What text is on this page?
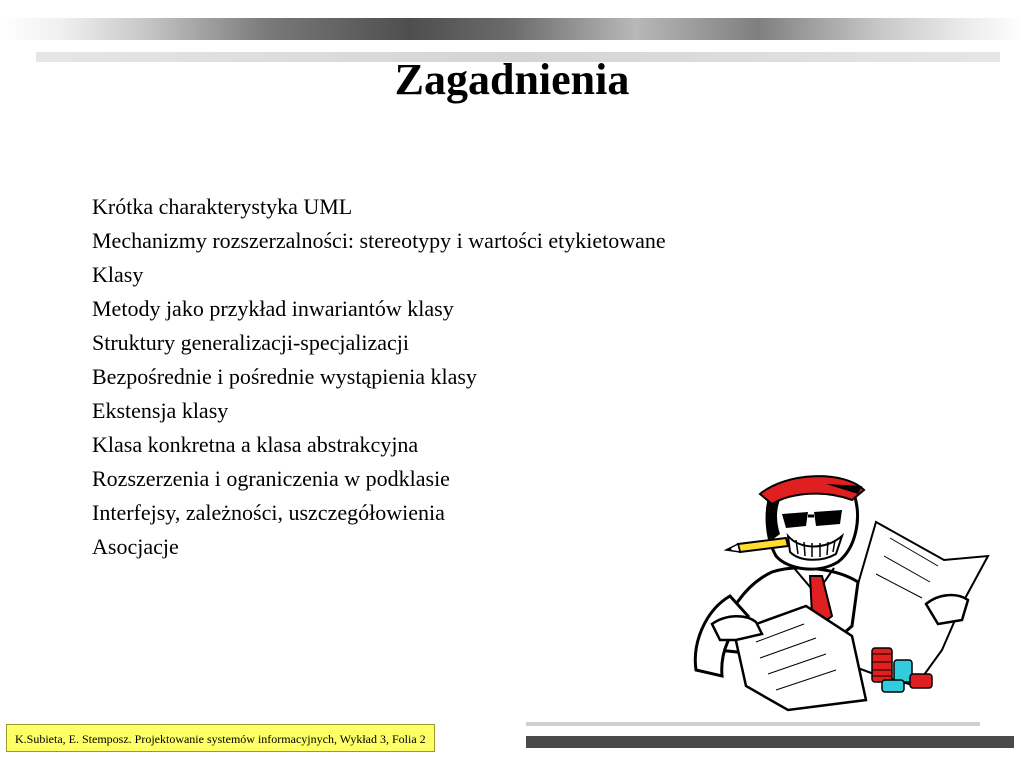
Zagadnienia
Krótka charakterystyka UML
Mechanizmy rozszerzalności: stereotypy i wartości etykietowane
Klasy
Metody jako przykład inwariantów klasy
Struktury generalizacji-specjalizacji
Bezpośrednie i pośrednie wystąpienia klasy
Ekstensja klasy
Klasa konkretna a klasa abstrakcyjna
Rozszerzenia i ograniczenia w podklasie
Interfejsy, zależności, uszczegółowienia
Asocjacje
K.Subieta, E. Stemposz. Projektowanie systemów informacyjnych, Wykład 3, Folia 2
